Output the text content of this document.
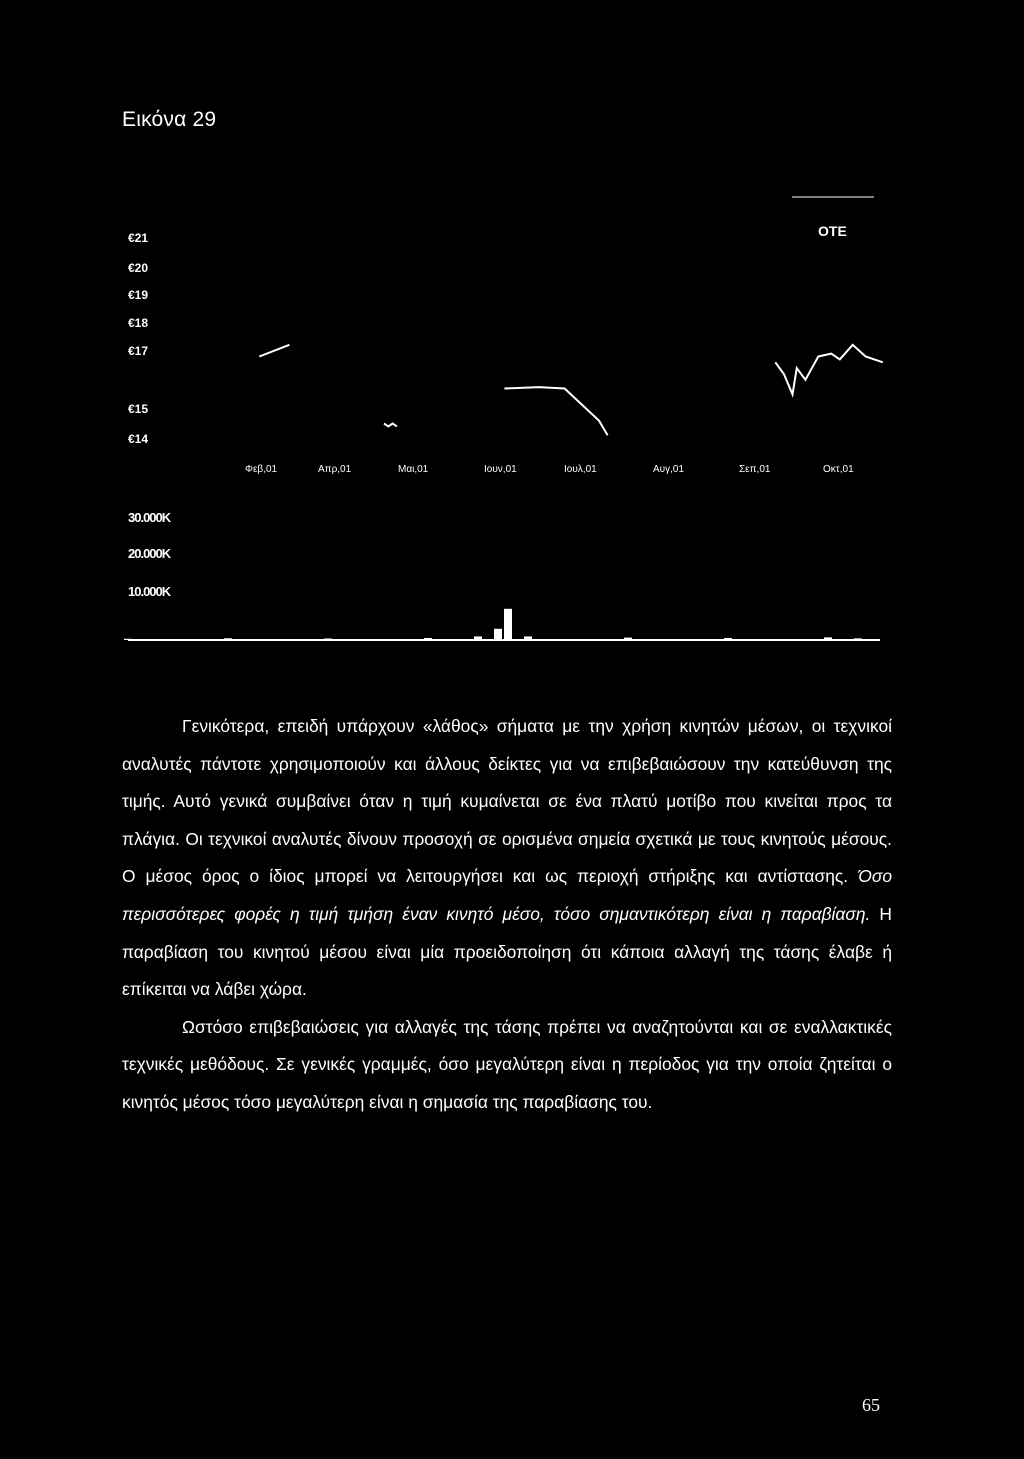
Εικόνα 29
€21
€20
€19
€18
€17
€15
€14
Φεβ,01	Απρ,01	Μαι,01	Ιουν,01	Ιουλ,01	Αυγ,01	Σεπ,01	Οκτ,01
ΟΤΕ
30.000K
20.000K
10.000K

Γενικότερα, επειδή υπάρχουν «λάθος» σήματα με την χρήση κινητών μέσων, οι τεχνικοί αναλυτές πάντοτε χρησιμοποιούν και άλλους δείκτες για να επιβεβαιώσουν την κατεύθυνση της τιμής. Αυτό γενικά συμβαίνει όταν η τιμή κυμαίνεται σε ένα πλατύ μοτίβο που κινείται προς τα πλάγια. Οι τεχνικοί αναλυτές δίνουν προσοχή σε ορισμένα σημεία σχετικά με τους κινητούς μέσους. Ο μέσος όρος ο ίδιος μπορεί να λειτουργήσει και ως περιοχή στήριξης και αντίστασης. Όσο περισσότερες φορές η τιμή τμήση έναν κινητό μέσο, τόσο σημαντικότερη είναι η παραβίαση. Η παραβίαση του κινητού μέσου είναι μία προειδοποίηση ότι κάποια αλλαγή της τάσης έλαβε ή επίκειται να λάβει χώρα.
Ωστόσο επιβεβαιώσεις για αλλαγές της τάσης πρέπει να αναζητούνται και σε εναλλακτικές τεχνικές μεθόδους. Σε γενικές γραμμές, όσο μεγαλύτερη είναι η περίοδος για την οποία ζητείται ο κινητός μέσος τόσο μεγαλύτερη είναι η σημασία της παραβίασης του.

65
